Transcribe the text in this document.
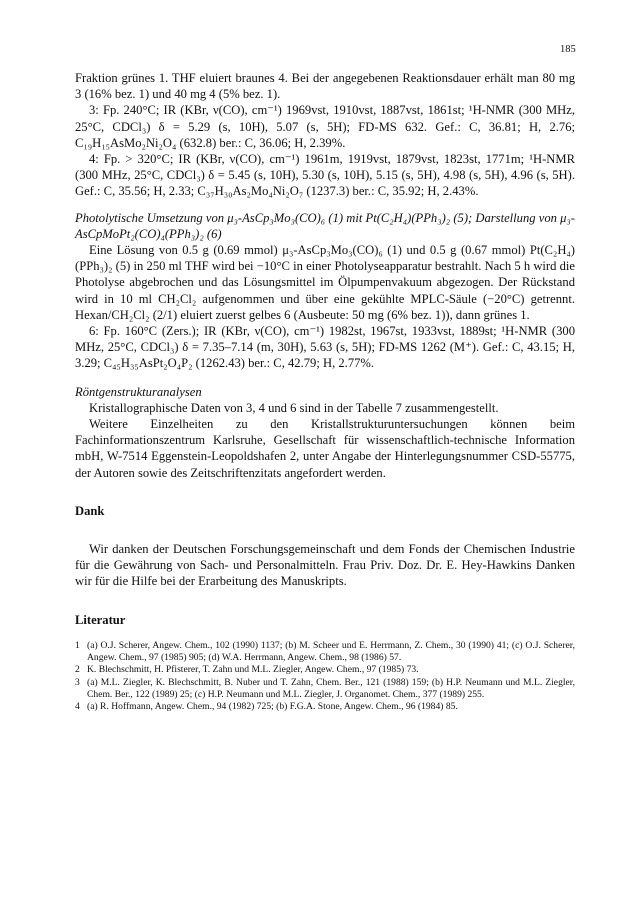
185

Fraktion grünes 1. THF eluiert braunes 4. Bei der angegebenen Reaktionsdauer erhält man 80 mg 3 (16% bez. 1) und 40 mg 4 (5% bez. 1).

3: Fp. 240°C; IR (KBr, ν(CO), cm⁻¹) 1969vst, 1910vst, 1887vst, 1861st; ¹H-NMR (300 MHz, 25°C, CDCl₃) δ = 5.29 (s, 10H), 5.07 (s, 5H); FD-MS 632. Gef.: C, 36.81; H, 2.76; C₁₉H₁₅AsMo₂Ni₂O₄ (632.8) ber.: C, 36.06; H, 2.39%.

4: Fp. > 320°C; IR (KBr, ν(CO), cm⁻¹) 1961m, 1919vst, 1879vst, 1823st, 1771m; ¹H-NMR (300 MHz, 25°C, CDCl₃) δ = 5.45 (s, 10H), 5.30 (s, 10H), 5.15 (s, 5H), 4.98 (s, 5H), 4.96 (s, 5H). Gef.: C, 35.56; H, 2.33; C₃₇H₃₀As₂Mo₄Ni₂O₇ (1237.3) ber.: C, 35.92; H, 2.43%.

Photolytische Umsetzung von μ₃-AsCp₃Mo₃(CO)₆ (1) mit Pt(C₂H₄)(PPh₃)₂ (5); Darstellung von μ₃-AsCpMoPt₂(CO)₄(PPh₃)₂ (6)

Eine Lösung von 0.5 g (0.69 mmol) μ₃-AsCp₃Mo₃(CO)₆ (1) und 0.5 g (0.67 mmol) Pt(C₂H₄)(PPh₃)₂ (5) in 250 ml THF wird bei −10°C in einer Photolyseapparatur bestrahlt. Nach 5 h wird die Photolyse abgebrochen und das Lösungsmittel im Ölpumpenvakuum abgezogen. Der Rückstand wird in 10 ml CH₂Cl₂ aufgenommen und über eine gekühlte MPLC-Säule (−20°C) getrennt. Hexan/CH₂Cl₂ (2/1) eluiert zuerst gelbes 6 (Ausbeute: 50 mg (6% bez. 1)), dann grünes 1.

6: Fp. 160°C (Zers.); IR (KBr, ν(CO), cm⁻¹) 1982st, 1967st, 1933vst, 1889st; ¹H-NMR (300 MHz, 25°C, CDCl₃) δ = 7.35–7.14 (m, 30H), 5.63 (s, 5H); FD-MS 1262 (M⁺). Gef.: C, 43.15; H, 3.29; C₄₅H₃₅AsPt₂O₄P₂ (1262.43) ber.: C, 42.79; H, 2.77%.

Röntgenstrukturanalysen

Kristallographische Daten von 3, 4 und 6 sind in der Tabelle 7 zusammengestellt.

Weitere Einzelheiten zu den Kristallstrukturuntersuchungen können beim Fachinformationszentrum Karlsruhe, Gesellschaft für wissenschaftlich-technische Information mbH, W-7514 Eggenstein-Leopoldshafen 2, unter Angabe der Hinterlegungsnummer CSD-55775, der Autoren sowie des Zeitschriftenzitats angefordert werden.

Dank

Wir danken der Deutschen Forschungsgemeinschaft und dem Fonds der Chemischen Industrie für die Gewährung von Sach- und Personalmitteln. Frau Priv. Doz. Dr. E. Hey-Hawkins Danken wir für die Hilfe bei der Erarbeitung des Manuskripts.

Literatur

1 (a) O.J. Scherer, Angew. Chem., 102 (1990) 1137; (b) M. Scheer und E. Herrmann, Z. Chem., 30 (1990) 41; (c) O.J. Scherer, Angew. Chem., 97 (1985) 905; (d) W.A. Herrmann, Angew. Chem., 98 (1986) 57.
2 K. Blechschmitt, H. Pfisterer, T. Zahn und M.L. Ziegler, Angew. Chem., 97 (1985) 73.
3 (a) M.L. Ziegler, K. Blechschmitt, B. Nuber und T. Zahn, Chem. Ber., 121 (1988) 159; (b) H.P. Neumann und M.L. Ziegler, Chem. Ber., 122 (1989) 25; (c) H.P. Neumann und M.L. Ziegler, J. Organomet. Chem., 377 (1989) 255.
4 (a) R. Hoffmann, Angew. Chem., 94 (1982) 725; (b) F.G.A. Stone, Angew. Chem., 96 (1984) 85.
